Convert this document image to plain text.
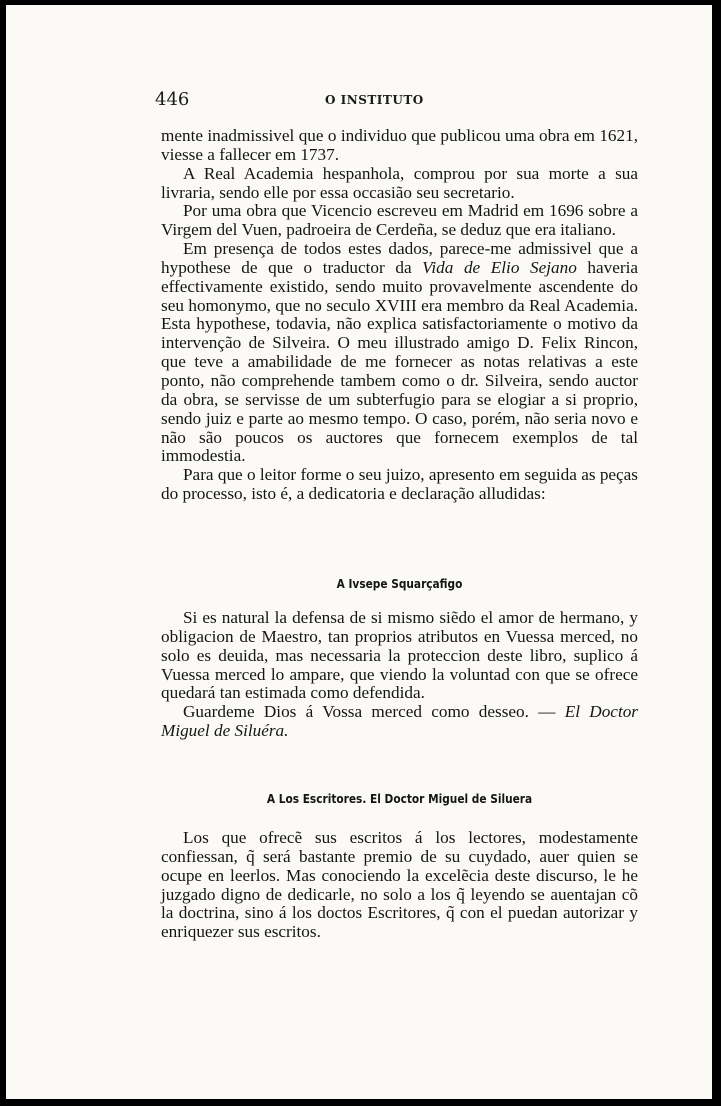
446	O INSTITUTO

mente inadmissivel que o individuo que publicou uma obra em 1621, viesse a fallecer em 1737.

A Real Academia hespanhola, comprou por sua morte a sua livraria, sendo elle por essa occasião seu secretario.

Por uma obra que Vicencio escreveu em Madrid em 1696 sobre a Virgem del Vuen, padroeira de Cerdeña, se deduz que era italiano.

Em presença de todos estes dados, parece-me admissivel que a hypothese de que o traductor da Vida de Elio Sejano haveria effectivamente existido, sendo muito provavelmente ascendente do seu homonymo, que no seculo XVIII era membro da Real Academia. Esta hypothese, todavia, não explica satisfactoriamente o motivo da intervenção de Silveira. O meu illustrado amigo D. Felix Rincon, que teve a amabilidade de me fornecer as notas relativas a este ponto, não comprehende tambem como o dr. Silveira, sendo auctor da obra, se servisse de um subterfugio para se elogiar a si proprio, sendo juiz e parte ao mesmo tempo. O caso, porém, não seria novo e não são poucos os auctores que fornecem exemplos de tal immodestia.

Para que o leitor forme o seu juizo, apresento em seguida as peças do processo, isto é, a dedicatoria e declaração alludidas:

A Ivsepe Squarçafigo

Si es natural la defensa de si mismo siẽdo el amor de hermano, y obligacion de Maestro, tan proprios atributos en Vuessa merced, no solo es deuida, mas necessaria la proteccion deste libro, suplico á Vuessa merced lo ampare, que viendo la voluntad con que se ofrece quedará tan estimada como defendida.

Guardeme Dios á Vossa merced como desseo. — El Doctor Miguel de Siluéra.

A Los Escritores. El Doctor Miguel de Siluera

Los que ofrecẽ sus escritos á los lectores, modestamente confiessan, q̃ será bastante premio de su cuydado, auer quien se ocupe en leerlos. Mas conociendo la excelẽcia deste discurso, le he juzgado digno de dedicarle, no solo a los q̃ leyendo se auentajan cõ la doctrina, sino á los doctos Escritores, q̃ con el puedan autorizar y enriquezer sus escritos.
